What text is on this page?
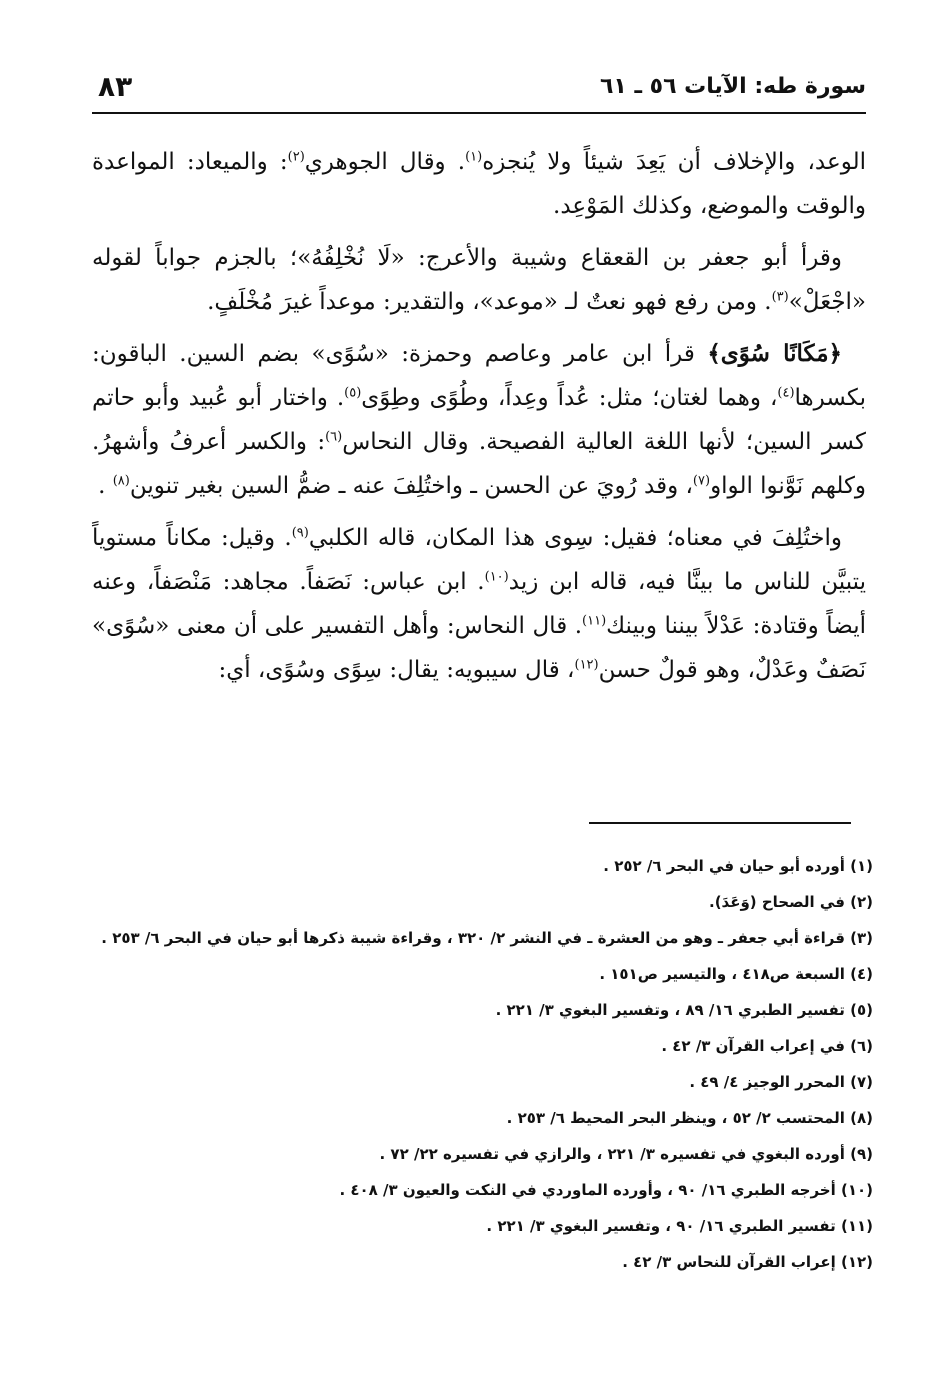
سورة طه: الآيات ٥٦ ـ ٦١
٨٣

الوعد، والإخلاف أن يَعِدَ شيئاً ولا يُنجزه$^{(١)}$. وقال الجوهري$^{(٢)}$: والميعاد: المواعدة والوقت والموضع، وكذلك المَوْعِد.

وقرأ أبو جعفر بن القعقاع وشيبة والأعرج: «لَا نُخْلِفُهُ»؛ بالجزم جواباً لقوله «اجْعَلْ»$^{(٣)}$. ومن رفع فهو نعتٌ لـ «موعد»، والتقدير: موعداً غيرَ مُخْلَفٍ.

﴿مَكَانًا سُوًى﴾ قرأ ابن عامر وعاصم وحمزة: «سُوًى» بضم السين. الباقون: بكسرها$^{(٤)}$، وهما لغتان؛ مثل: عُداً وعِداً، وطُوًى وطِوًى$^{(٥)}$. واختار أبو عُبيد وأبو حاتم كسر السين؛ لأنها اللغة العالية الفصيحة. وقال النحاس$^{(٦)}$: والكسر أعرفُ وأشهرُ. وكلهم نَوَّنوا الواو$^{(٧)}$، وقد رُويَ عن الحسن ـ واختُلِفَ عنه ـ ضمُّ السين بغير تنوين$^{(٨)}$ .

واختُلِفَ في معناه؛ فقيل: سِوى هذا المكان، قاله الكلبي$^{(٩)}$. وقيل: مكاناً مستوياً يتبيَّن للناس ما بينَّا فيه، قاله ابن زيد$^{(١٠)}$. ابن عباس: نَصَفاً. مجاهد: مَنْصَفاً، وعنه أيضاً وقتادة: عَدْلاً بيننا وبينك$^{(١١)}$. قال النحاس: وأهل التفسير على أن معنى «سُوًى» نَصَفٌ وعَدْلٌ، وهو قولٌ حسن$^{(١٢)}$، قال سيبويه: يقال: سِوًى وسُوًى، أي:

(١) أورده أبو حيان في البحر ٦/ ٢٥٢ .
(٢) في الصحاح (وَعَدَ).
(٣) قراءة أبي جعفر ـ وهو من العشرة ـ في النشر ٢/ ٣٢٠ ، وقراءة شيبة ذكرها أبو حيان في البحر ٦/ ٢٥٣ .
(٤) السبعة ص٤١٨ ، والتيسير ص١٥١ .
(٥) تفسير الطبري ١٦/ ٨٩ ، وتفسير البغوي ٣/ ٢٢١ .
(٦) في إعراب القرآن ٣/ ٤٢ .
(٧) المحرر الوجيز ٤/ ٤٩ .
(٨) المحتسب ٢/ ٥٢ ، وينظر البحر المحيط ٦/ ٢٥٣ .
(٩) أورده البغوي في تفسيره ٣/ ٢٢١ ، والرازي في تفسيره ٢٢/ ٧٢ .
(١٠) أخرجه الطبري ١٦/ ٩٠ ، وأورده الماوردي في النكت والعيون ٣/ ٤٠٨ .
(١١) تفسير الطبري ١٦/ ٩٠ ، وتفسير البغوي ٣/ ٢٢١ .
(١٢) إعراب القرآن للنحاس ٣/ ٤٢ .
